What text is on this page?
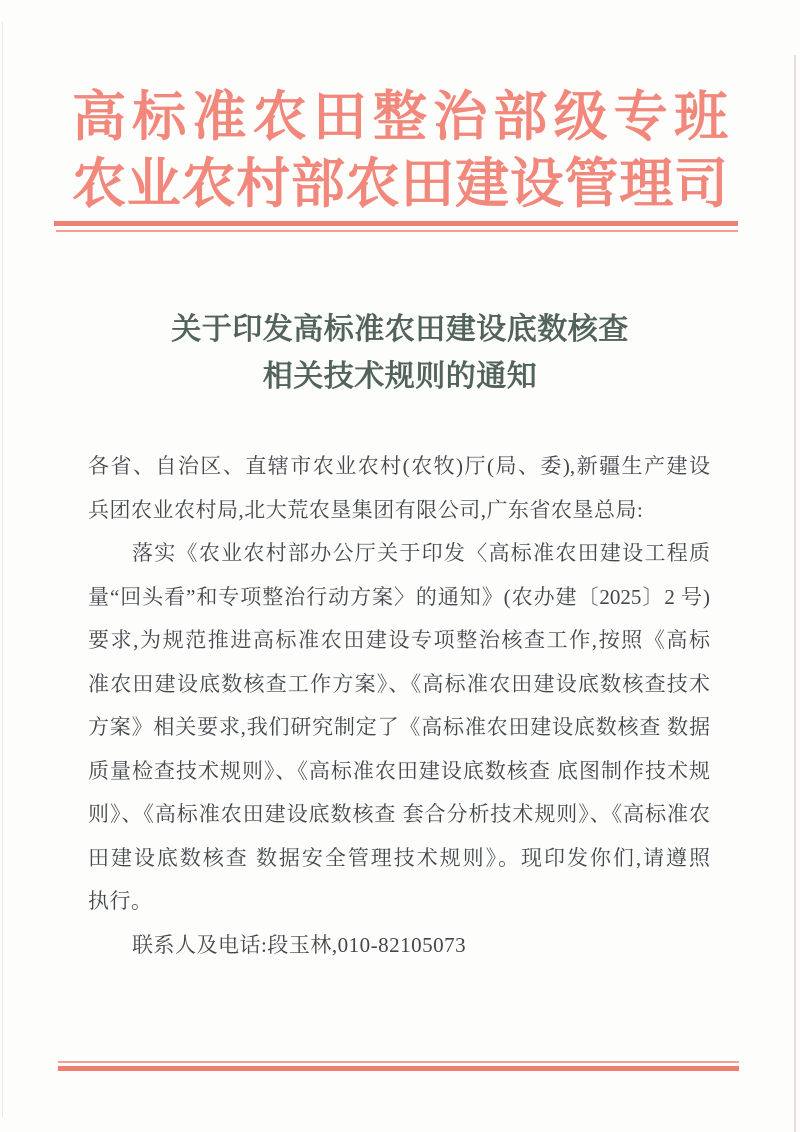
高标准农田整治部级专班
农业农村部农田建设管理司
关于印发高标准农田建设底数核查
相关技术规则的通知
各省、自治区、直辖市农业农村(农牧)厅(局、委),新疆生产建设
兵团农业农村局,北大荒农垦集团有限公司,广东省农垦总局:
落实《农业农村部办公厅关于印发〈高标准农田建设工程质
量“回头看”和专项整治行动方案〉的通知》(农办建〔2025〕2 号)
要求,为规范推进高标准农田建设专项整治核查工作,按照《高标
准农田建设底数核查工作方案》、《高标准农田建设底数核查技术
方案》相关要求,我们研究制定了《高标准农田建设底数核查 数据
质量检查技术规则》、《高标准农田建设底数核查 底图制作技术规
则》、《高标准农田建设底数核查 套合分析技术规则》、《高标准农
田建设底数核查 数据安全管理技术规则》。现印发你们,请遵照
执行。
联系人及电话:段玉林,010-82105073
